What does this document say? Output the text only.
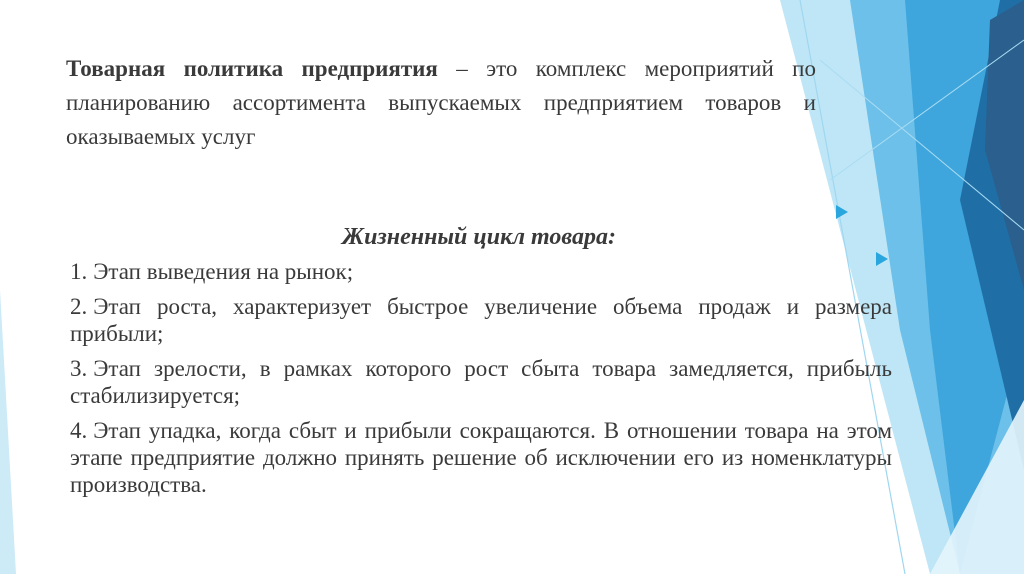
Товарная политика предприятия – это комплекс мероприятий по планированию ассортимента выпускаемых предприятием товаров и оказываемых услуг

Жизненный цикл товара:
1. Этап выведения на рынок;
2. Этап роста, характеризует быстрое увеличение объема продаж и размера прибыли;
3. Этап зрелости, в рамках которого рост сбыта товара замедляется, прибыль стабилизируется;
4. Этап упадка, когда сбыт и прибыли сокращаются. В отношении товара на этом этапе предприятие должно принять решение об исключении его из номенклатуры производства.
